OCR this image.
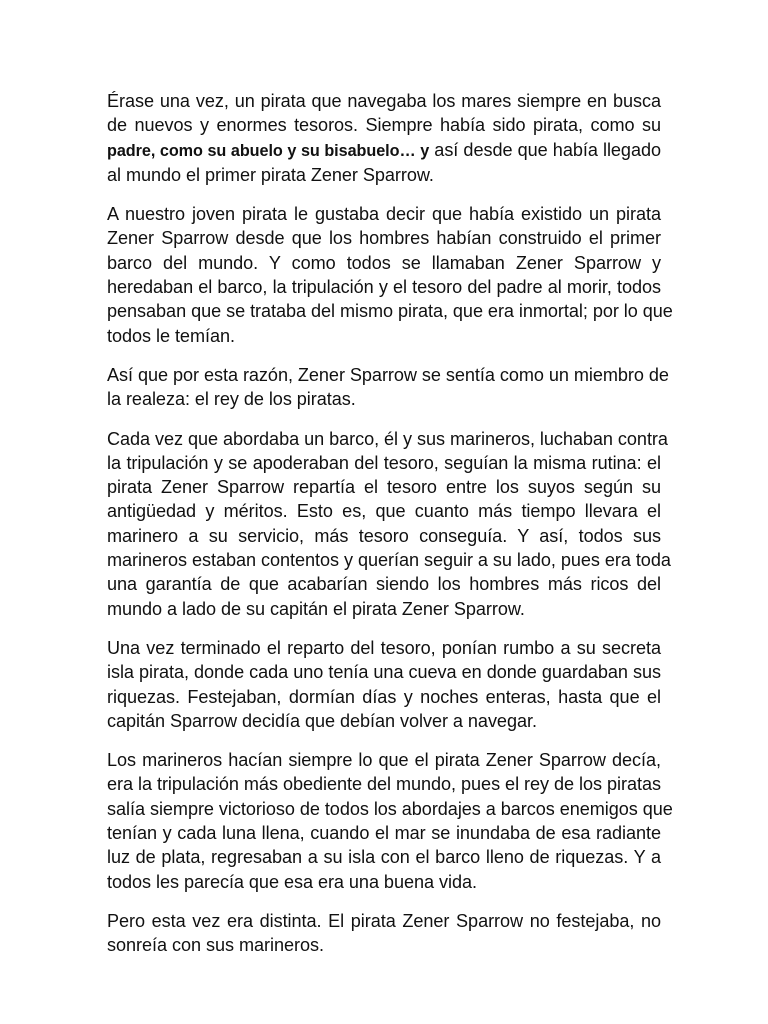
Érase una vez, un pirata que navegaba los mares siempre en busca
de nuevos y enormes tesoros. Siempre había sido pirata, como su
padre, como su abuelo y su bisabuelo… y así desde que había llegado
al mundo el primer pirata Zener Sparrow.

A nuestro joven pirata le gustaba decir que había existido un pirata
Zener Sparrow desde que los hombres habían construido el primer
barco del mundo. Y como todos se llamaban Zener Sparrow y
heredaban el barco, la tripulación y el tesoro del padre al morir, todos
pensaban que se trataba del mismo pirata, que era inmortal; por lo que
todos le temían.

Así que por esta razón, Zener Sparrow se sentía como un miembro de
la realeza: el rey de los piratas.

Cada vez que abordaba un barco, él y sus marineros, luchaban contra
la tripulación y se apoderaban del tesoro, seguían la misma rutina: el
pirata Zener Sparrow repartía el tesoro entre los suyos según su
antigüedad y méritos. Esto es, que cuanto más tiempo llevara el
marinero a su servicio, más tesoro conseguía. Y así, todos sus
marineros estaban contentos y querían seguir a su lado, pues era toda
una garantía de que acabarían siendo los hombres más ricos del
mundo a lado de su capitán el pirata Zener Sparrow.

Una vez terminado el reparto del tesoro, ponían rumbo a su secreta
isla pirata, donde cada uno tenía una cueva en donde guardaban sus
riquezas. Festejaban, dormían días y noches enteras, hasta que el
capitán Sparrow decidía que debían volver a navegar.

Los marineros hacían siempre lo que el pirata Zener Sparrow decía,
era la tripulación más obediente del mundo, pues el rey de los piratas
salía siempre victorioso de todos los abordajes a barcos enemigos que
tenían y cada luna llena, cuando el mar se inundaba de esa radiante
luz de plata, regresaban a su isla con el barco lleno de riquezas. Y a
todos les parecía que esa era una buena vida.

Pero esta vez era distinta. El pirata Zener Sparrow no festejaba, no
sonreía con sus marineros.
